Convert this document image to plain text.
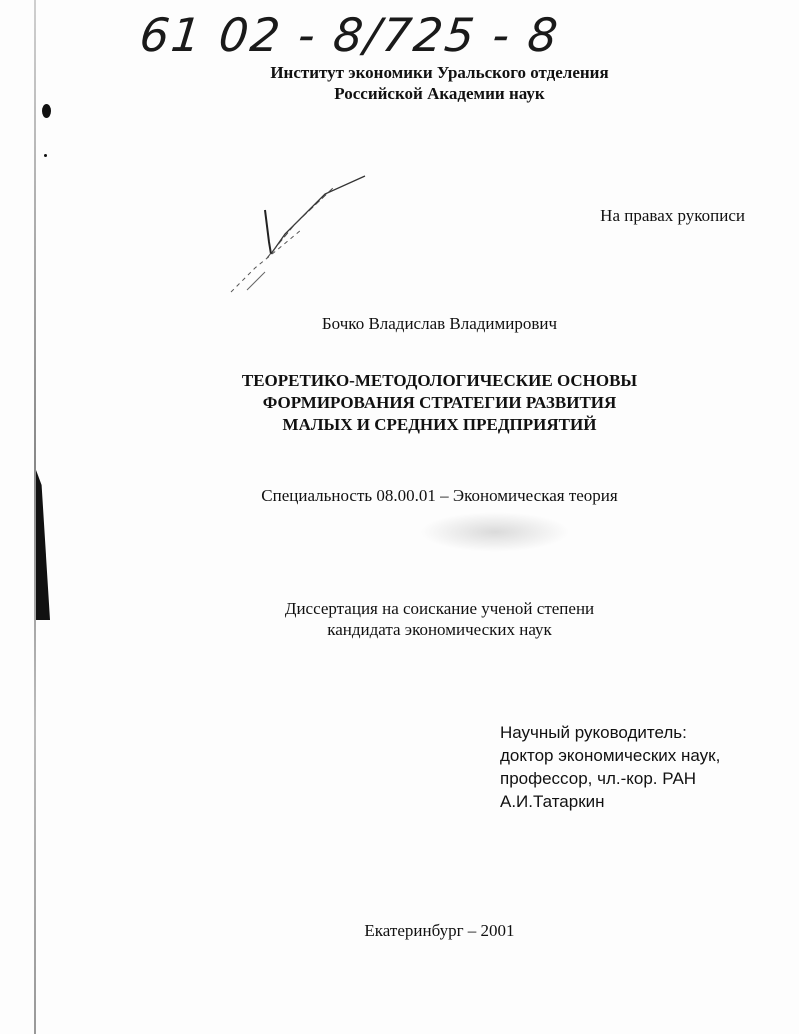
61 02 - 8/725 - 8
Институт экономики Уральского отделения
Российской Академии наук
На правах рукописи
Бочко Владислав Владимирович
ТЕОРЕТИКО-МЕТОДОЛОГИЧЕСКИЕ ОСНОВЫ
ФОРМИРОВАНИЯ СТРАТЕГИИ РАЗВИТИЯ
МАЛЫХ И СРЕДНИХ ПРЕДПРИЯТИЙ
Специальность 08.00.01 – Экономическая теория
Диссертация на соискание ученой степени
кандидата экономических наук
Научный руководитель:
доктор экономических наук,
профессор, чл.-кор. РАН
А.И.Татаркин
Екатеринбург – 2001
